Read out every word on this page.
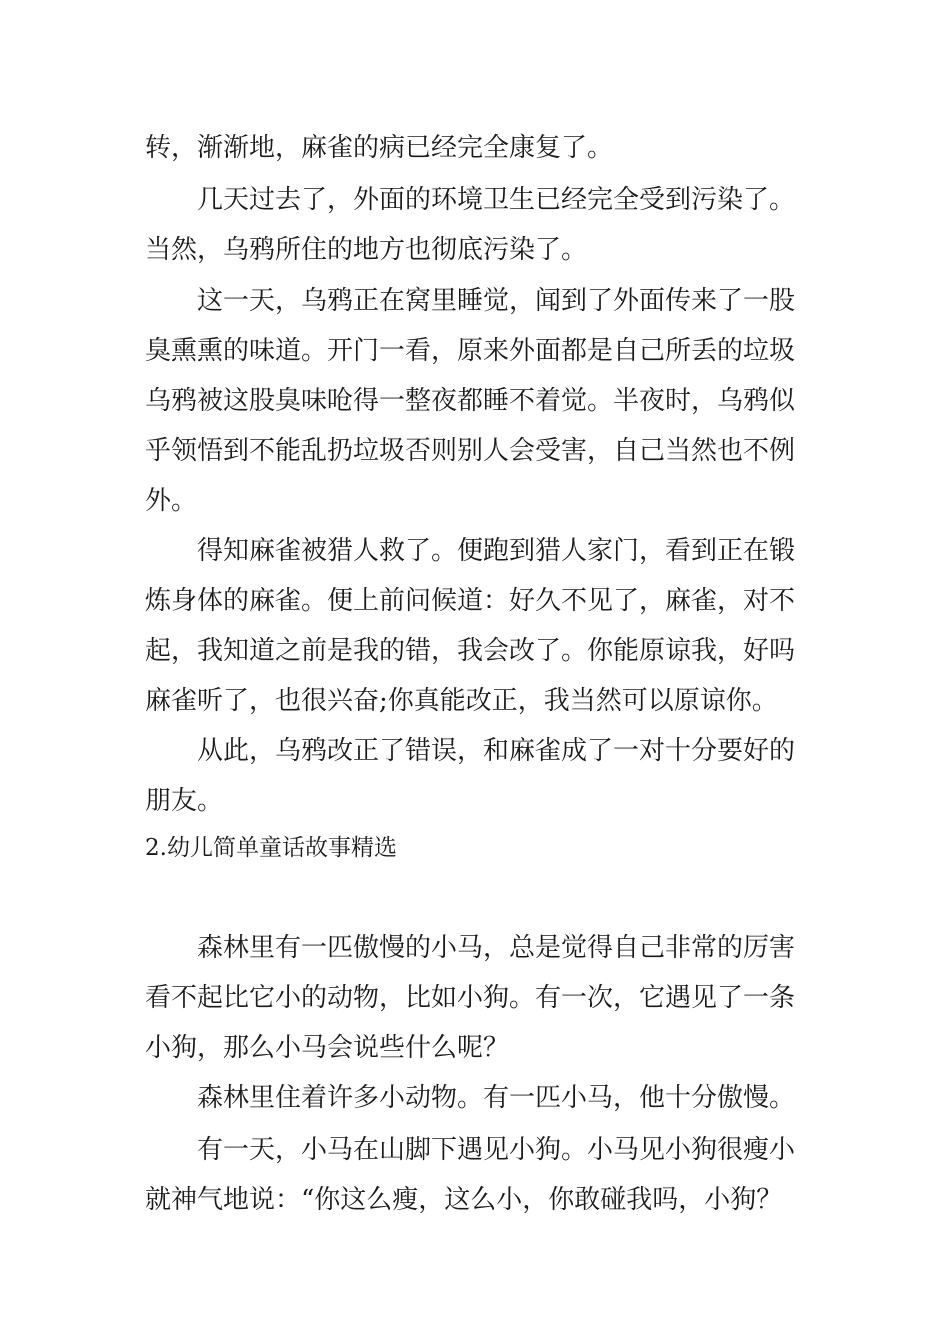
转，渐渐地，麻雀的病已经完全康复了。
几天过去了，外面的环境卫生已经完全受到污染了。
当然，乌鸦所住的地方也彻底污染了。
这一天，乌鸦正在窝里睡觉，闻到了外面传来了一股
臭熏熏的味道。开门一看，原来外面都是自己所丢的垃圾
乌鸦被这股臭味呛得一整夜都睡不着觉。半夜时，乌鸦似
乎领悟到不能乱扔垃圾否则别人会受害，自己当然也不例
外。
得知麻雀被猎人救了。便跑到猎人家门，看到正在锻
炼身体的麻雀。便上前问候道：好久不见了，麻雀，对不
起，我知道之前是我的错，我会改了。你能原谅我，好吗
麻雀听了，也很兴奋;你真能改正，我当然可以原谅你。
从此，乌鸦改正了错误，和麻雀成了一对十分要好的
朋友。
2.幼儿简单童话故事精选
森林里有一匹傲慢的小马，总是觉得自己非常的厉害
看不起比它小的动物，比如小狗。有一次，它遇见了一条
小狗，那么小马会说些什么呢？
森林里住着许多小动物。有一匹小马，他十分傲慢。
有一天，小马在山脚下遇见小狗。小马见小狗很瘦小
就神气地说：“你这么瘦，这么小，你敢碰我吗，小狗？
